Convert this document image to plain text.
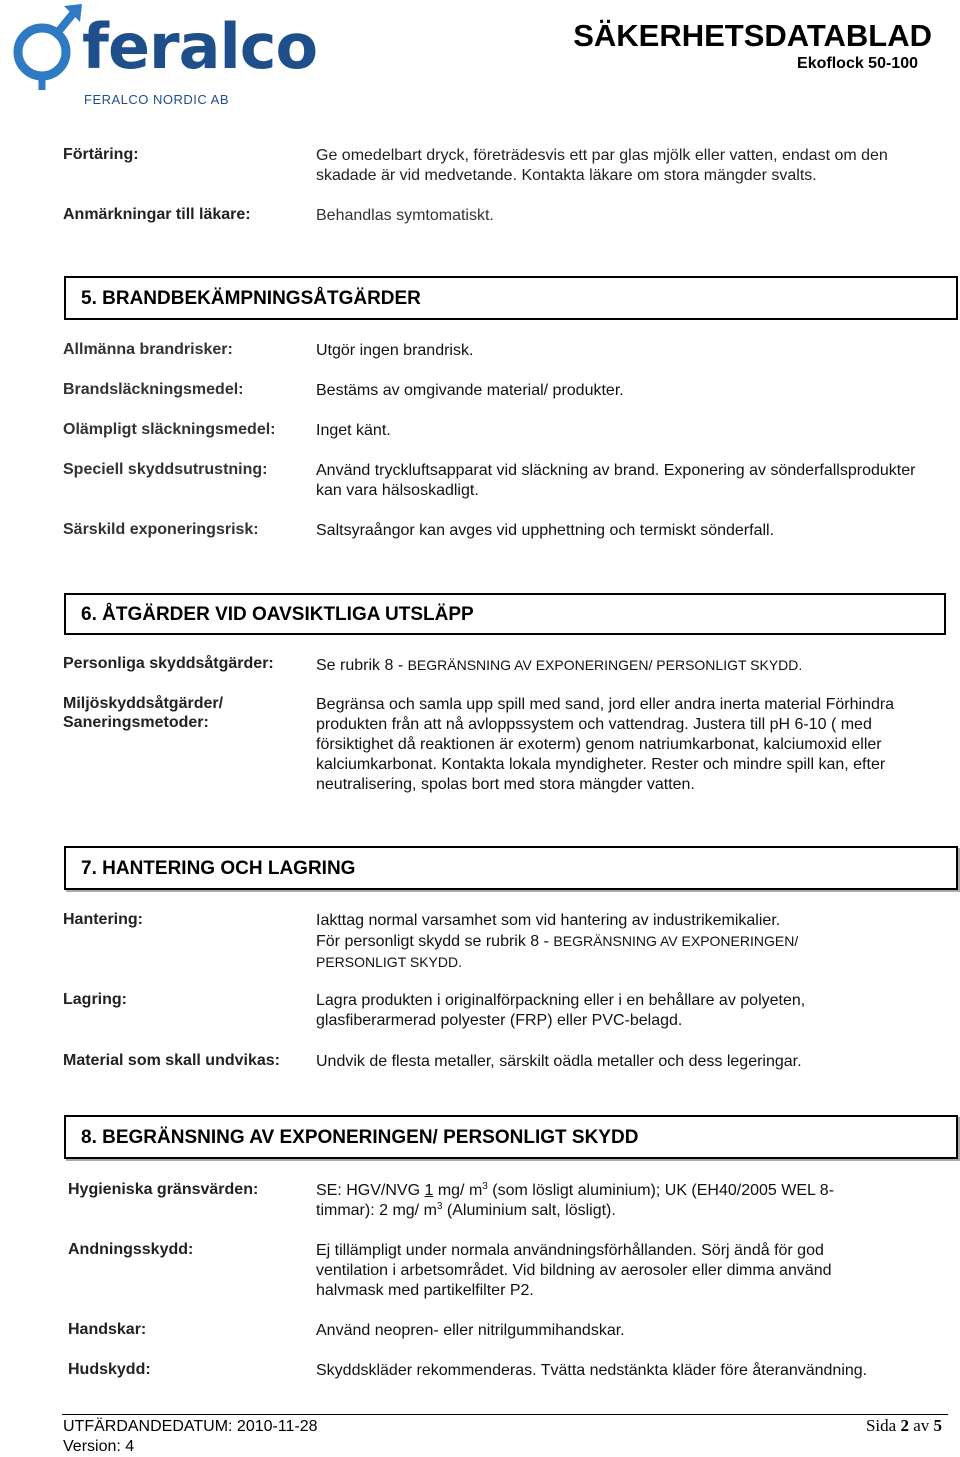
feralco
FERALCO NORDIC AB
SÄKERHETSDATABLAD
Ekoflock 50-100
Förtäring:	Ge omedelbart dryck, företrädesvis ett par glas mjölk eller vatten, endast om den skadade är vid medvetande. Kontakta läkare om stora mängder svalts.
Anmärkningar till läkare:	Behandlas symtomatiskt.
5. BRANDBEKÄMPNINGSÅTGÄRDER
Allmänna brandrisker:	Utgör ingen brandrisk.
Brandsläckningsmedel:	Bestäms av omgivande material/ produkter.
Olämpligt släckningsmedel:	Inget känt.
Speciell skyddsutrustning:	Använd tryckluftsapparat vid släckning av brand. Exponering av sönderfallsprodukter kan vara hälsoskadligt.
Särskild exponeringsrisk:	Saltsyraångor kan avges vid upphettning och termiskt sönderfall.
6. ÅTGÄRDER VID OAVSIKTLIGA UTSLÄPP
Personliga skyddsåtgärder:	Se rubrik 8 - BEGRÄNSNING AV EXPONERINGEN/ PERSONLIGT SKYDD.
Miljöskyddsåtgärder/
Saneringsmetoder:
Begränsa och samla upp spill med sand, jord eller andra inerta material Förhindra produkten från att nå avloppssystem och vattendrag. Justera till pH 6-10 ( med försiktighet då reaktionen är exoterm) genom natriumkarbonat, kalciumoxid eller kalciumkarbonat. Kontakta lokala myndigheter. Rester och mindre spill kan, efter neutralisering, spolas bort med stora mängder vatten.
7. HANTERING OCH LAGRING
Hantering:	Iakttag normal varsamhet som vid hantering av industrikemikalier.
För personligt skydd se rubrik 8 - BEGRÄNSNING AV EXPONERINGEN/
PERSONLIGT SKYDD.
Lagring:	Lagra produkten i originalförpackning eller i en behållare av polyeten, glasfiberarmerad polyester (FRP) eller PVC-belagd.
Material som skall undvikas: Undvik de flesta metaller, särskilt oädla metaller och dess legeringar.
8. BEGRÄNSNING AV EXPONERINGEN/ PERSONLIGT SKYDD
Hygieniska gränsvärden:	SE: HGV/NVG 1 mg/ $m^3$ (som lösligt aluminium); UK (EH40/2005 WEL 8-
timmar): 2 mg/ $m^3$ (Aluminium salt, lösligt).
Andningsskydd:	Ej tillämpligt under normala användningsförhållanden. Sörj ändå för god ventilation i arbetsområdet. Vid bildning av aerosoler eller dimma använd halvmask med partikelfilter P2.
Handskar:	Använd neopren- eller nitrilgummihandskar.
Hudskydd:	Skyddskläder rekommenderas. Tvätta nedstänkta kläder före återanvändning.
UTFÄRDANDEDATUM: 2010-11-28
Version: 4
Sida 2 av 5
